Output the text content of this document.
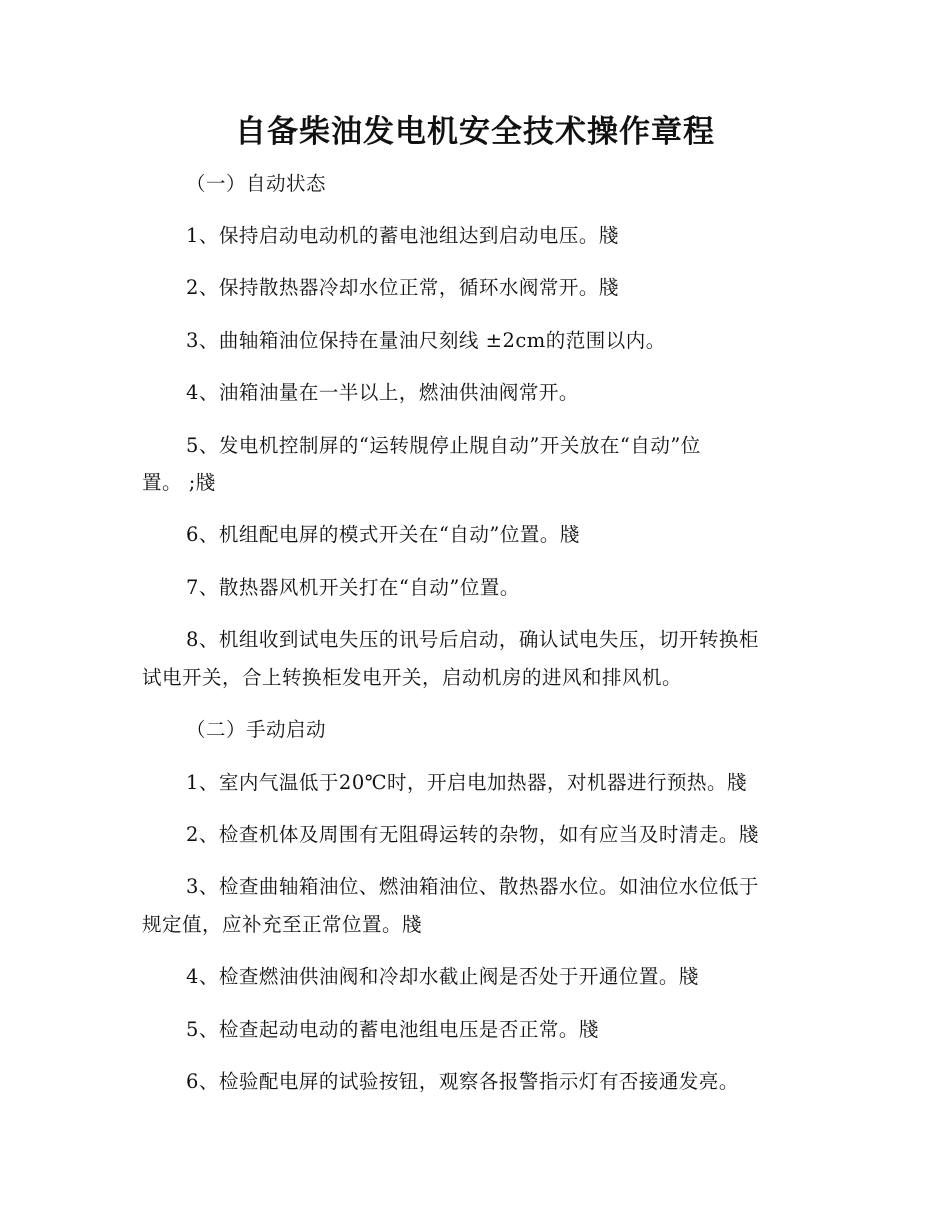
自备柴油发电机安全技术操作章程
（一）自动状态
1、保持启动电动机的蓄电池组达到启动电压。牋
2、保持散热器冷却水位正常，循环水阀常开。牋
3、曲轴箱油位保持在量油尺刻线 ±2cm的范围以内。
4、油箱油量在一半以上，燃油供油阀常开。
5、发电机控制屏的“运转覑停止覑自动”开关放在“自动”位
置。 ;牋
6、机组配电屏的模式开关在“自动”位置。牋
7、散热器风机开关打在“自动”位置。
8、机组收到试电失压的讯号后启动，确认试电失压，切开转换柜
试电开关，合上转换柜发电开关，启动机房的进风和排风机。
（二）手动启动
1、室内气温低于20℃时，开启电加热器，对机器进行预热。牋
2、检查机体及周围有无阻碍运转的杂物，如有应当及时清走。牋
3、检查曲轴箱油位、燃油箱油位、散热器水位。如油位水位低于
规定值，应补充至正常位置。牋
4、检查燃油供油阀和冷却水截止阀是否处于开通位置。牋
5、检查起动电动的蓄电池组电压是否正常。牋
6、检验配电屏的试验按钮，观察各报警指示灯有否接通发亮。
